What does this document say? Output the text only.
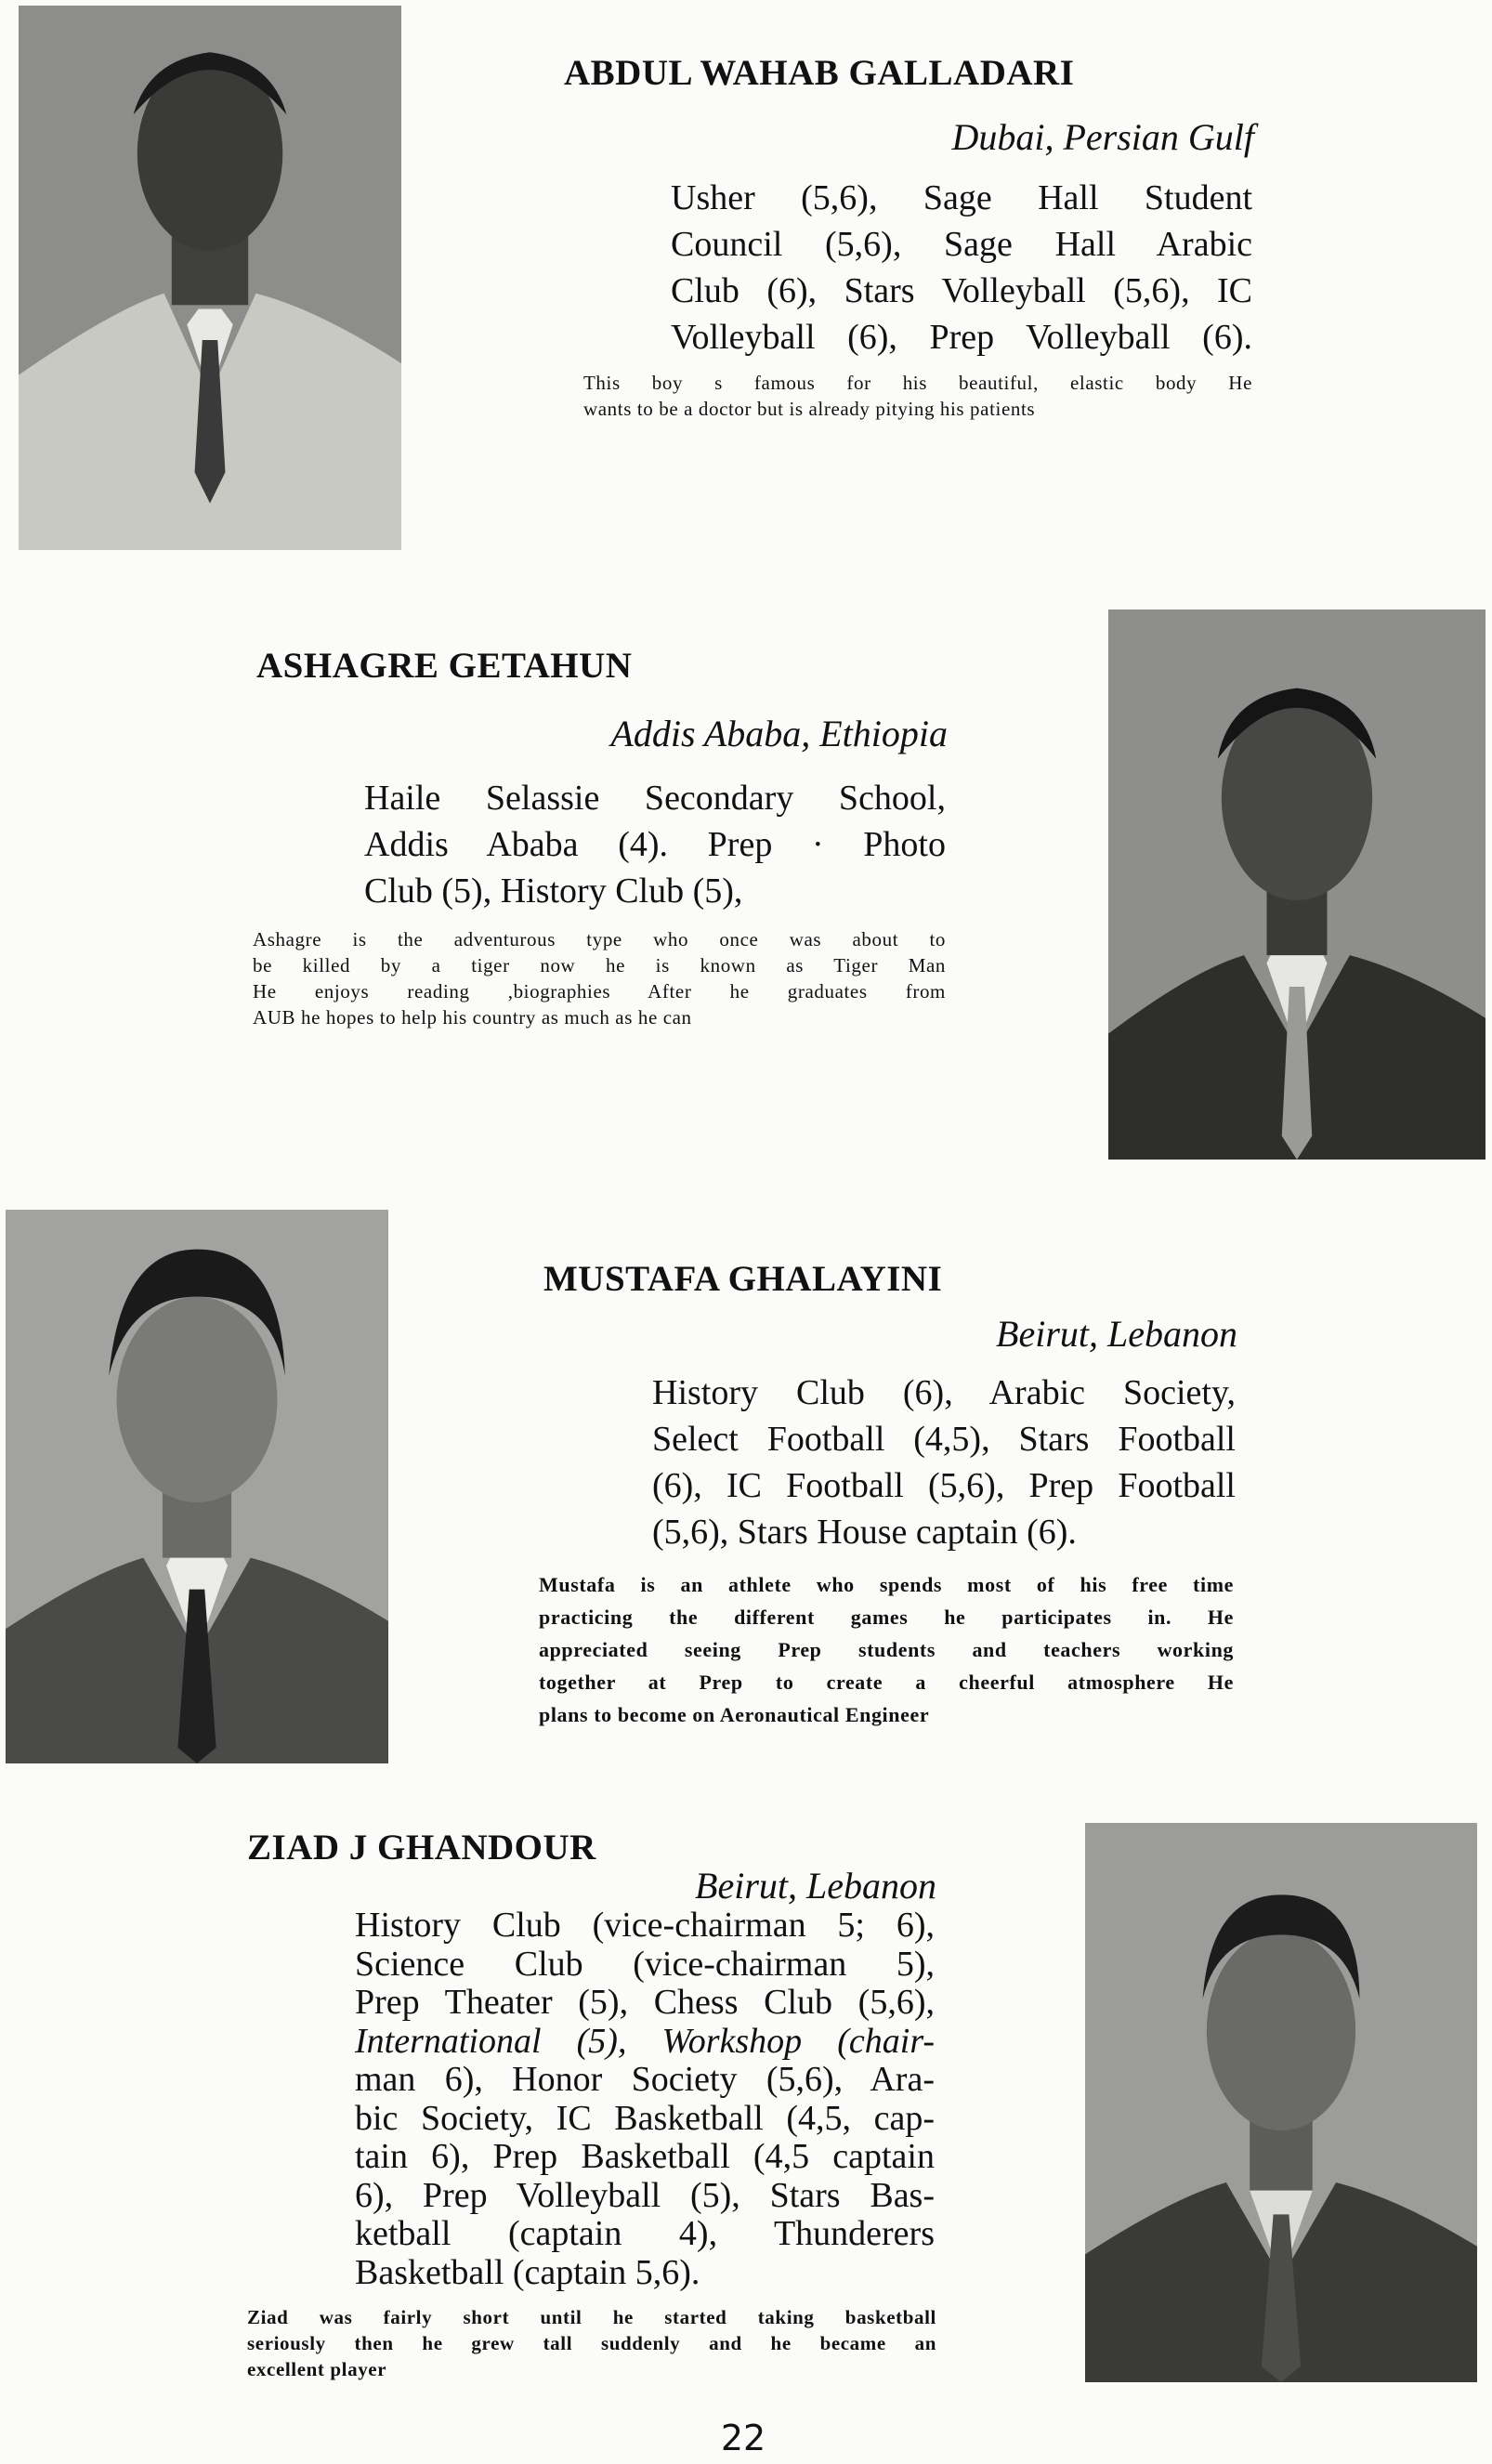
ABDUL WAHAB GALLADARI
Dubai, Persian Gulf
Usher (5,6), Sage Hall Student
Council (5,6), Sage Hall Arabic
Club (6), Stars Volleyball (5,6), IC
Volleyball (6), Prep Volleyball (6).
This boy s famous for his beautiful, elastic body He
wants to be a doctor but is already pitying his patients
ASHAGRE GETAHUN
Addis Ababa, Ethiopia
Haile Selassie Secondary School,
Addis Ababa (4). Prep · Photo
Club (5), History Club (5),
Ashagre is the adventurous type who once was about to
be killed by a tiger now he is known as Tiger Man
He enjoys reading ,biographies After he graduates from
AUB he hopes to help his country as much as he can
MUSTAFA GHALAYINI
Beirut, Lebanon
History Club (6), Arabic Society,
Select Football (4,5), Stars Football
(6), IC Football (5,6), Prep Football
(5,6), Stars House captain (6).
Mustafa is an athlete who spends most of his free time
practicing the different games he participates in. He
appreciated seeing Prep students and teachers working
together at Prep to create a cheerful atmosphere He
plans to become on Aeronautical Engineer
ZIAD J GHANDOUR
Beirut, Lebanon
History Club (vice-chairman 5; 6),
Science Club (vice-chairman 5),
Prep Theater (5), Chess Club (5,6),
International (5), Workshop (chair-
man 6), Honor Society (5,6), Ara-
bic Society, IC Basketball (4,5, cap-
tain 6), Prep Basketball (4,5 captain
6), Prep Volleyball (5), Stars Bas-
ketball (captain 4), Thunderers
Basketball (captain 5,6).
Ziad was fairly short until he started taking basketball
seriously then he grew tall suddenly and he became an
excellent player
22
